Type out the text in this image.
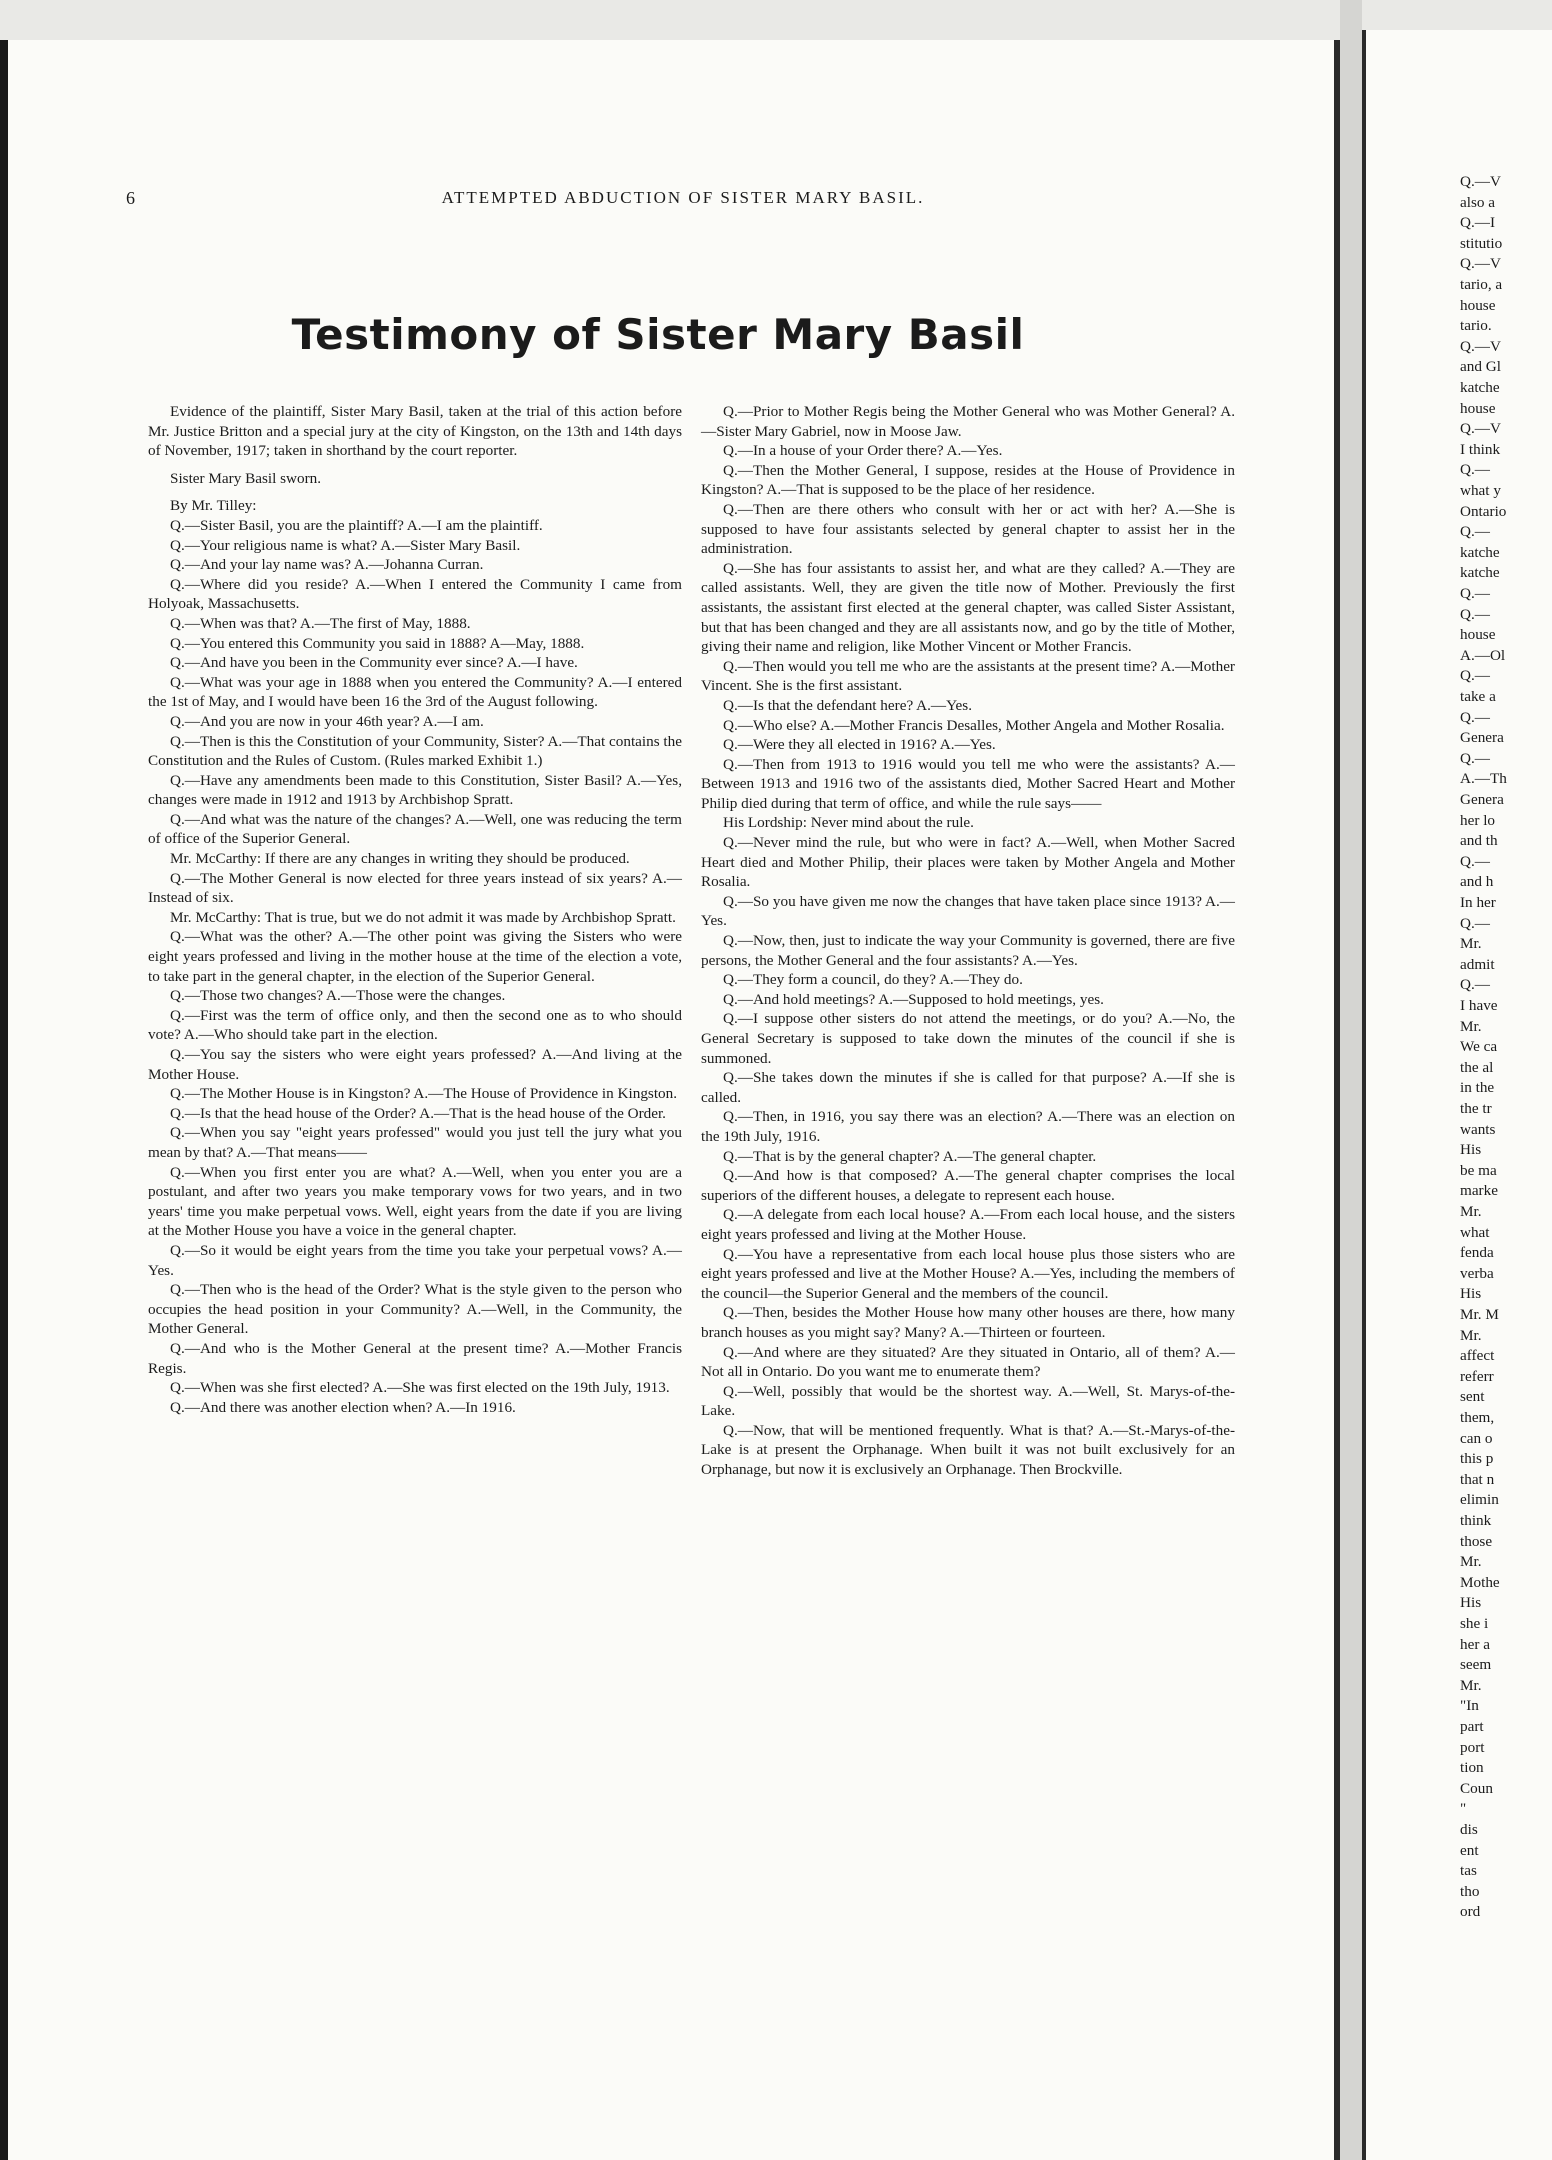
6	ATTEMPTED ABDUCTION OF SISTER MARY BASIL.
Testimony of Sister Mary Basil

Evidence of the plaintiff, Sister Mary Basil, taken at the trial of this action before Mr. Justice Britton and a special jury at the city of Kingston, on the 13th and 14th days of November, 1917; taken in shorthand by the court reporter.

Sister Mary Basil sworn.

By Mr. Tilley:

Q.—Sister Basil, you are the plaintiff? A.—I am the plaintiff.

Q.—Your religious name is what? A.—Sister Mary Basil.

Q.—And your lay name was? A.—Johanna Curran.

Q.—Where did you reside? A.—When I entered the Community I came from Holyoak, Massachusetts.

Q.—When was that? A.—The first of May, 1888.

Q.—You entered this Community you said in 1888? A—May, 1888.

Q.—And have you been in the Community ever since? A.—I have.

Q.—What was your age in 1888 when you entered the Community? A.—I entered the 1st of May, and I would have been 16 the 3rd of the August following.

Q.—And you are now in your 46th year? A.—I am.

Q.—Then is this the Constitution of your Community, Sister? A.—That contains the Constitution and the Rules of Custom. (Rules marked Exhibit 1.)

Q.—Have any amendments been made to this Constitution, Sister Basil? A.—Yes, changes were made in 1912 and 1913 by Archbishop Spratt.

Q.—And what was the nature of the changes? A.—Well, one was reducing the term of office of the Superior General.

Mr. McCarthy: If there are any changes in writing they should be produced.

Q.—The Mother General is now elected for three years instead of six years? A.—Instead of six.

Mr. McCarthy: That is true, but we do not admit it was made by Archbishop Spratt.

Q.—What was the other? A.—The other point was giving the Sisters who were eight years professed and living in the mother house at the time of the election a vote, to take part in the general chapter, in the election of the Superior General.

Q.—Those two changes? A.—Those were the changes.

Q.—First was the term of office only, and then the second one as to who should vote? A.—Who should take part in the election.

Q.—You say the sisters who were eight years professed? A.—And living at the Mother House.

Q.—The Mother House is in Kingston? A.—The House of Providence in Kingston.

Q.—Is that the head house of the Order? A.—That is the head house of the Order.

Q.—When you say "eight years professed" would you just tell the jury what you mean by that? A.—That means——

Q.—When you first enter you are what? A.—Well, when you enter you are a postulant, and after two years you make temporary vows for two years, and in two years' time you make perpetual vows. Well, eight years from the date if you are living at the Mother House you have a voice in the general chapter.

Q.—So it would be eight years from the time you take your perpetual vows? A.—Yes.

Q.—Then who is the head of the Order? What is the style given to the person who occupies the head position in your Community? A.—Well, in the Community, the Mother General.

Q.—And who is the Mother General at the present time? A.—Mother Francis Regis.

Q.—When was she first elected? A.—She was first elected on the 19th July, 1913.

Q.—And there was another election when? A.—In 1916.

Q.—Prior to Mother Regis being the Mother General who was Mother General? A.—Sister Mary Gabriel, now in Moose Jaw.

Q.—In a house of your Order there? A.—Yes.

Q.—Then the Mother General, I suppose, resides at the House of Providence in Kingston? A.—That is supposed to be the place of her residence.

Q.—Then are there others who consult with her or act with her? A.—She is supposed to have four assistants selected by general chapter to assist her in the administration.

Q.—She has four assistants to assist her, and what are they called? A.—They are called assistants. Well, they are given the title now of Mother. Previously the first assistants, the assistant first elected at the general chapter, was called Sister Assistant, but that has been changed and they are all assistants now, and go by the title of Mother, giving their name and religion, like Mother Vincent or Mother Francis.

Q.—Then would you tell me who are the assistants at the present time? A.—Mother Vincent. She is the first assistant.

Q.—Is that the defendant here? A.—Yes.

Q.—Who else? A.—Mother Francis Desalles, Mother Angela and Mother Rosalia.

Q.—Were they all elected in 1916? A.—Yes.

Q.—Then from 1913 to 1916 would you tell me who were the assistants? A.—Between 1913 and 1916 two of the assistants died, Mother Sacred Heart and Mother Philip died during that term of office, and while the rule says——

His Lordship: Never mind about the rule.

Q.—Never mind the rule, but who were in fact? A.—Well, when Mother Sacred Heart died and Mother Philip, their places were taken by Mother Angela and Mother Rosalia.

Q.—So you have given me now the changes that have taken place since 1913? A.—Yes.

Q.—Now, then, just to indicate the way your Community is governed, there are five persons, the Mother General and the four assistants? A.—Yes.

Q.—They form a council, do they? A.—They do.

Q.—And hold meetings? A.—Supposed to hold meetings, yes.

Q.—I suppose other sisters do not attend the meetings, or do you? A.—No, the General Secretary is supposed to take down the minutes of the council if she is summoned.

Q.—She takes down the minutes if she is called for that purpose? A.—If she is called.

Q.—Then, in 1916, you say there was an election? A.—There was an election on the 19th July, 1916.

Q.—That is by the general chapter? A.—The general chapter.

Q.—And how is that composed? A.—The general chapter comprises the local superiors of the different houses, a delegate to represent each house.

Q.—A delegate from each local house? A.—From each local house, and the sisters eight years professed and living at the Mother House.

Q.—You have a representative from each local house plus those sisters who are eight years professed and live at the Mother House? A.—Yes, including the members of the council—the Superior General and the members of the council.

Q.—Then, besides the Mother House how many other houses are there, how many branch houses as you might say? Many? A.—Thirteen or fourteen.

Q.—And where are they situated? Are they situated in Ontario, all of them? A.—Not all in Ontario. Do you want me to enumerate them?

Q.—Well, possibly that would be the shortest way. A.—Well, St. Marys-of-the-Lake.

Q.—Now, that will be mentioned frequently. What is that? A.—St.-Marys-of-the-Lake is at present the Orphanage. When built it was not built exclusively for an Orphanage, but now it is exclusively an Orphanage. Then Brockville.

Q.—V
also a
Q.—I
stitutio
Q.—V
tario, a
house
tario.
Q.—V
and Gl
katche
house
Q.—V
I think
Q.—
what y
Ontario
Q.—
katche
katche
Q.—
Q.—
house
A.—Ol
Q.—
take a
Q.—
Genera
Q.—
A.—Th
Genera
her lo
and th
Q.—
and h
In her
Q.—
Mr.
admit
Q.—
I have
Mr.
We ca
the al
in the
the tr
wants
His
be ma
marke
Mr.
what
fenda
verba
His
Mr. M
Mr.
affect
referr
sent
them,
can o
this p
that n
elimin
think
those
Mr.
Mothe
His
she i
her a
seem
Mr.
"In
part
port
tion
Coun
"
dis
ent
tas
tho
ord
